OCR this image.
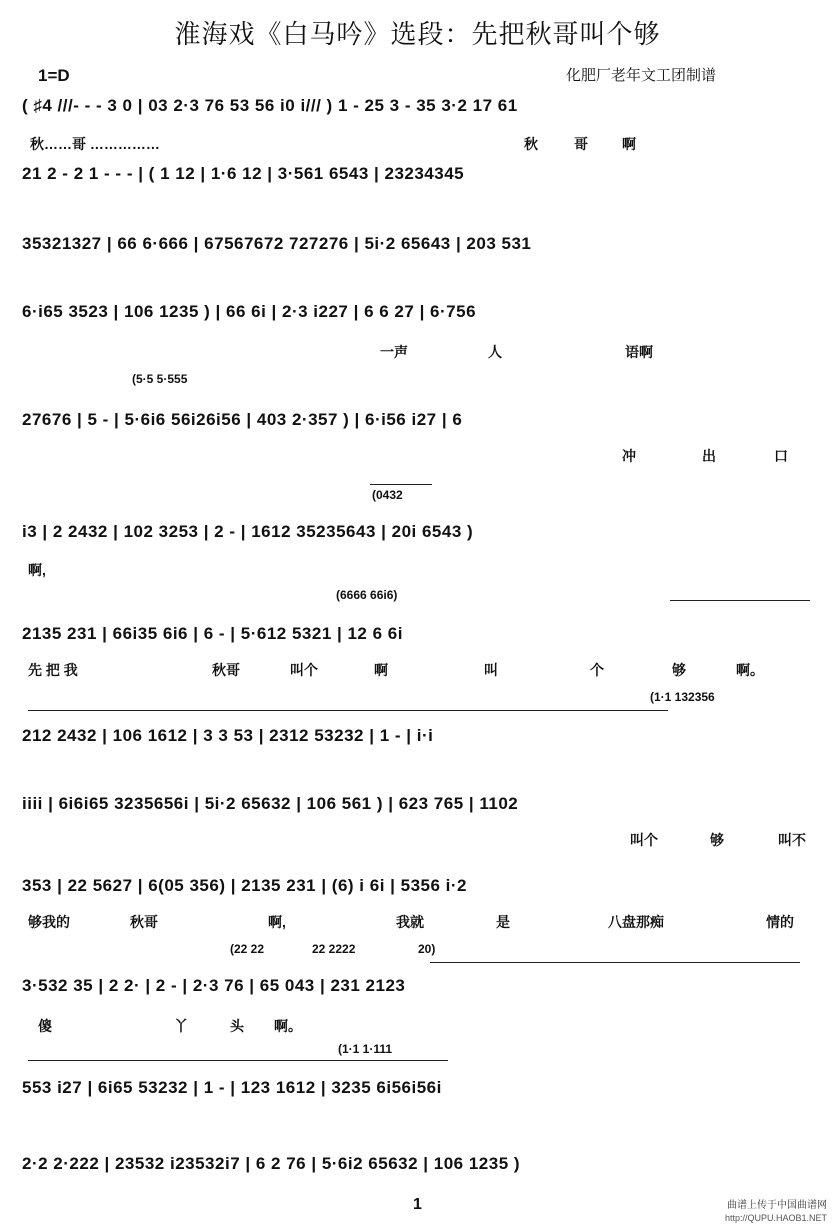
淮海戏《白马吟》选段：先把秋哥叫个够
1=D	化肥厂老年文工团制谱
(5·5 5·555
(0432
(6666 66i6)
(1·1 132356
(22 22	22 2222	20)
(1·1 1·111
( ♯4 ///- - - 3 0 | 03 2·3 76 53 56 i0 i/// ) 1 - 25 3 - 35 3·2 17 61
秋……哥 ……………	秋	哥 啊
21 2 - 2 1 - - - | ( 1 12 | 1·6 12 | 3·561 6543 | 23234345
35321327 | 66 6·666 | 67567672 727276 | 5i·2 65643 | 203 531
6·i65 3523 | 106 1235 ) | 66 6i | 2·3 i227 | 6 6 27 | 6·756
一声	人	语啊
27676 | 5 - | 5·6i6 56i26i56 | 403 2·357 ) | 6·i56 i27 | 6
冲	出	口
i3 | 2 2432 | 102 3253 | 2 - | 1612 35235643 | 20i 6543 )
啊,
2135 231 | 66i35 6i6 | 6 - | 5·612 5321 | 12 6 6i
先 把 我	秋哥	叫个	啊	叫	个	够	啊。
212 2432 | 106 1612 | 3 3 53 | 2312 53232 | 1 - | i·i
iiii | 6i6i65 3235656i | 5i·2 65632 | 106 561 ) | 623 765 | 1102
叫个	够	叫不
353 | 22 5627 | 6(05 356) | 2135 231 | (6) i 6i | 5356 i·2
够我的	秋哥	啊,	我就	是	八盘那痴	情的
3·532 35 | 2 2· | 2 - | 2·3 76 | 65 043 | 231 2123
傻	丫	头 啊。
553 i27 | 6i65 53232 | 1 - | 123 1612 | 3235 6i56i56i
2·2 2·222 | 23532 i23532i7 | 6 2 76 | 5·6i2 65632 | 106 1235 )
1	曲谱上传于中国曲谱网
http://QUPU.HAOB1.NET
